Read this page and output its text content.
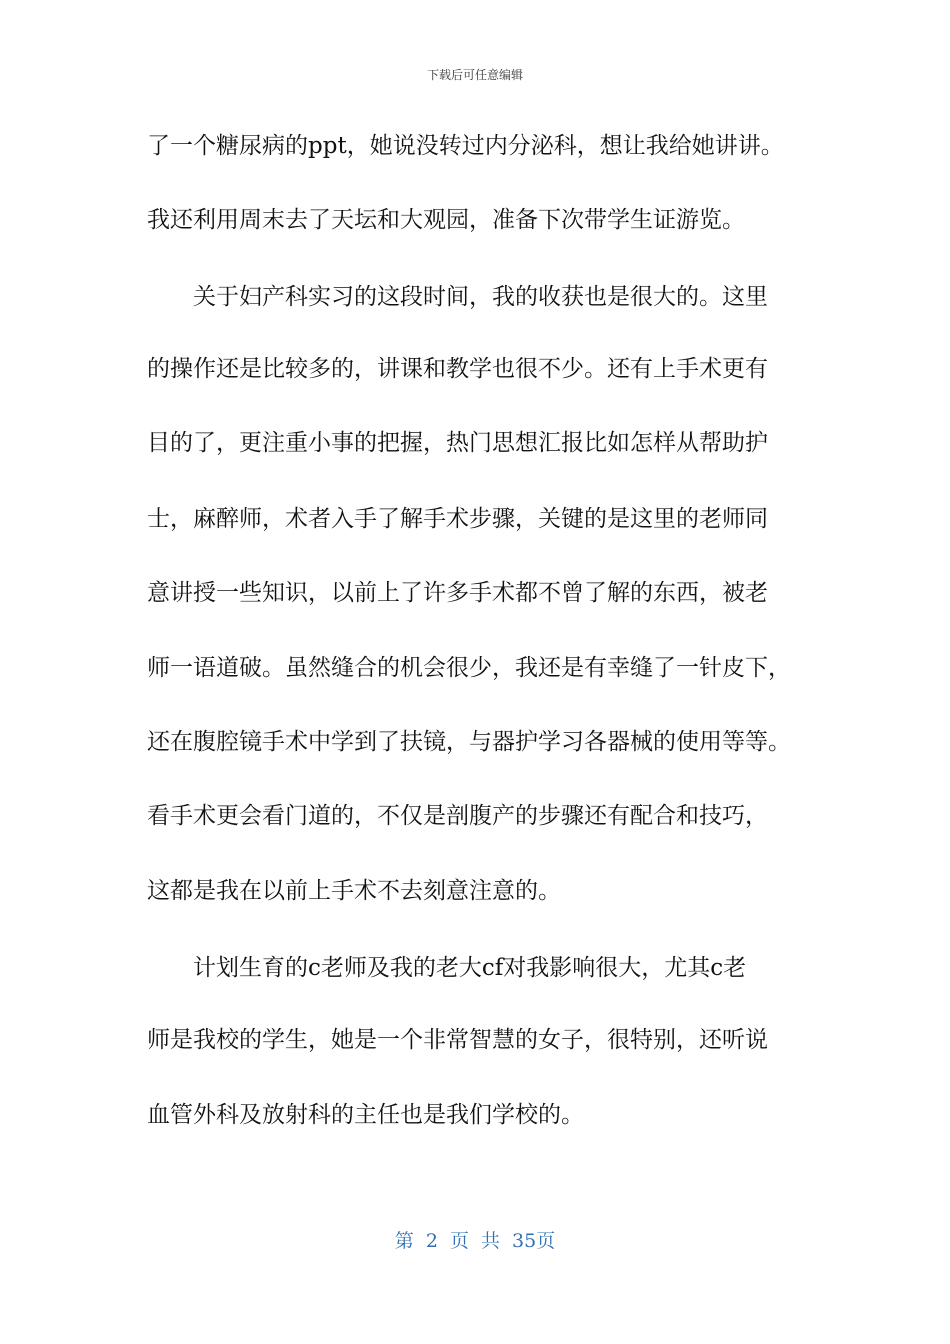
下载后可任意编辑
了一个糖尿病的ppt，她说没转过内分泌科，想让我给她讲讲。
我还利用周末去了天坛和大观园，准备下次带学生证游览。
关于妇产科实习的这段时间，我的收获也是很大的。这里
的操作还是比较多的，讲课和教学也很不少。还有上手术更有
目的了，更注重小事的把握，热门思想汇报比如怎样从帮助护
士，麻醉师，术者入手了解手术步骤，关键的是这里的老师同
意讲授一些知识，以前上了许多手术都不曾了解的东西，被老
师一语道破。虽然缝合的机会很少，我还是有幸缝了一针皮下，
还在腹腔镜手术中学到了扶镜，与器护学习各器械的使用等等。
看手术更会看门道的，不仅是剖腹产的步骤还有配合和技巧，
这都是我在以前上手术不去刻意注意的。
计划生育的c老师及我的老大cf对我影响很大，尤其c老
师是我校的学生，她是一个非常智慧的女子，很特别，还听说
血管外科及放射科的主任也是我们学校的。
第 2 页 共 35页
